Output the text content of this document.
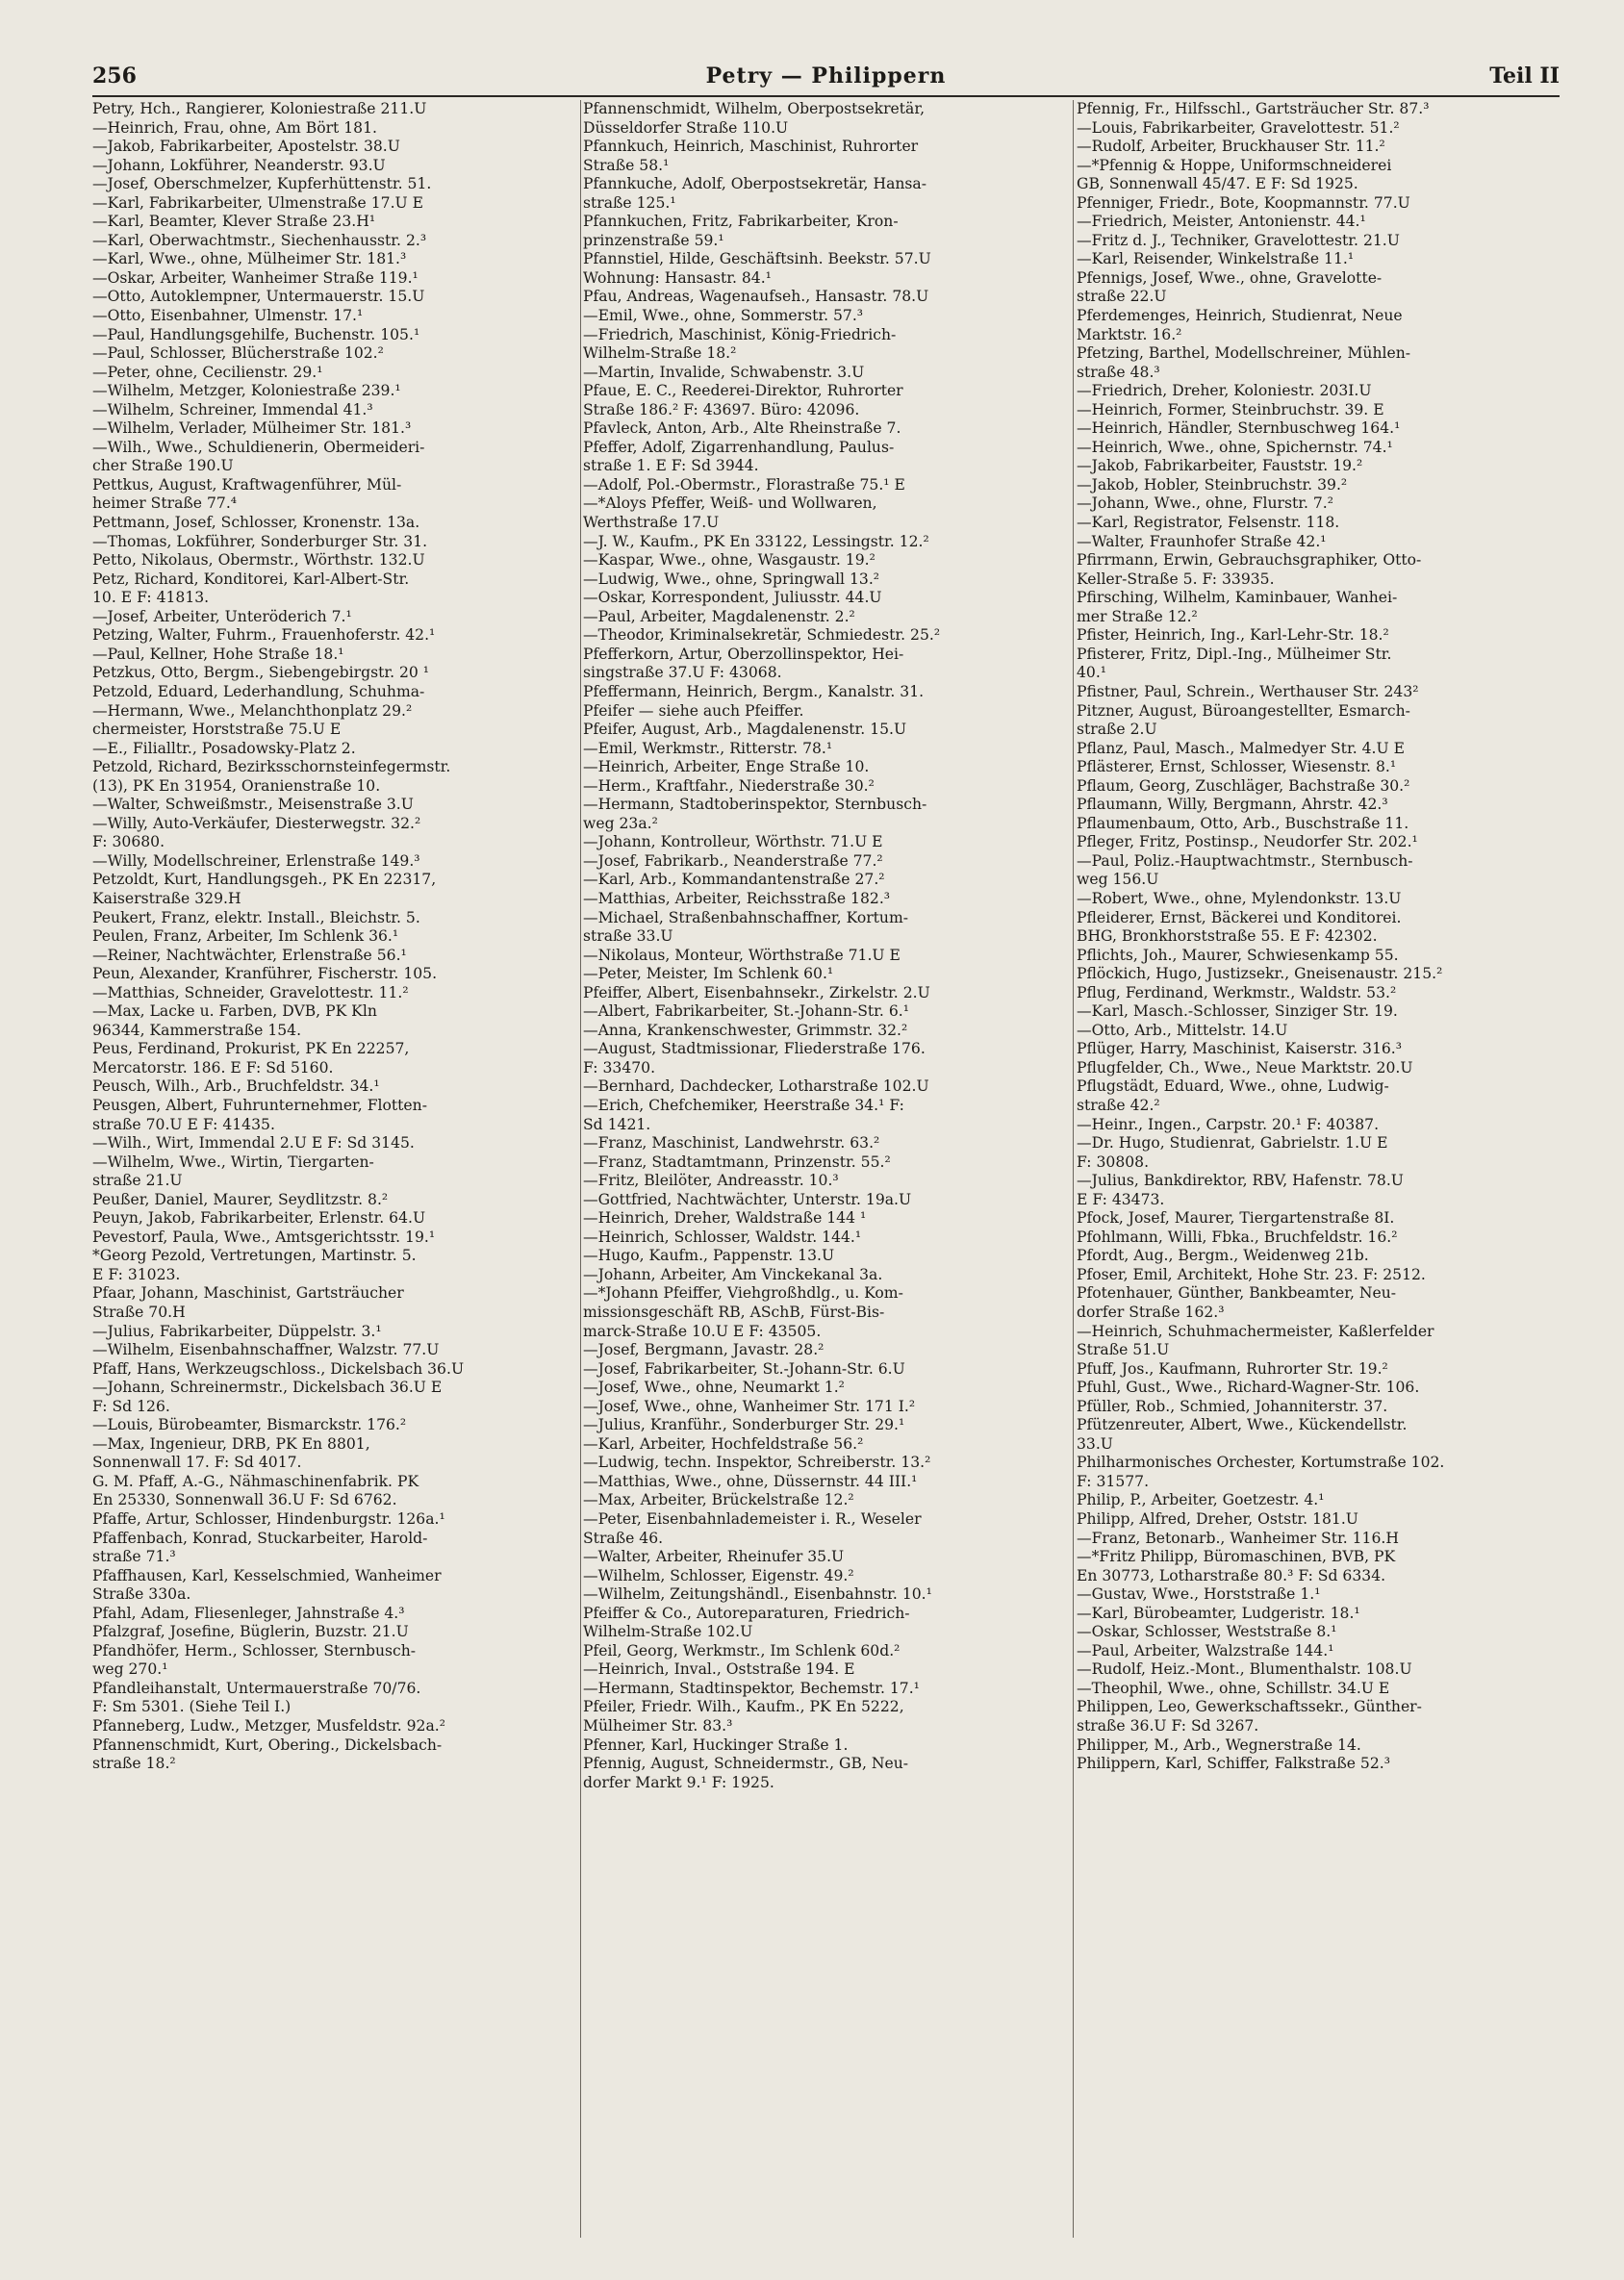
256	Petry — Philippern	Teil II
Petry, Hch., Rangierer, Koloniestraße 211.U
—Heinrich, Frau, ohne, Am Bört 181.
—Jakob, Fabrikarbeiter, Apostelstr. 38.U
—Johann, Lokführer, Neanderstr. 93.U
—Josef, Oberschmelzer, Kupferhüttenstr. 51.
—Karl, Fabrikarbeiter, Ulmenstraße 17.U E
—Karl, Beamter, Klever Straße 23.H¹
—Karl, Oberwachtmstr., Siechenhausstr. 2.³
—Karl, Wwe., ohne, Mülheimer Str. 181.³
—Oskar, Arbeiter, Wanheimer Straße 119.¹
—Otto, Autoklempner, Untermauerstr. 15.U
—Otto, Eisenbahner, Ulmenstr. 17.¹
—Paul, Handlungsgehilfe, Buchenstr. 105.¹
—Paul, Schlosser, Blücherstraße 102.²
—Peter, ohne, Cecilienstr. 29.¹
—Wilhelm, Metzger, Koloniestraße 239.¹
—Wilhelm, Schreiner, Immendal 41.³
—Wilhelm, Verlader, Mülheimer Str. 181.³
—Wilh., Wwe., Schuldienerin, Obermeideri-
cher Straße 190.U
Pettkus, August, Kraftwagenführer, Mül-
heimer Straße 77.⁴
Pettmann, Josef, Schlosser, Kronenstr. 13a.
—Thomas, Lokführer, Sonderburger Str. 31.
Petto, Nikolaus, Obermstr., Wörthstr. 132.U
Petz, Richard, Konditorei, Karl-Albert-Str.
10. E F: 41813.
—Josef, Arbeiter, Unteröderich 7.¹
Petzing, Walter, Fuhrm., Frauenhoferstr. 42.¹
—Paul, Kellner, Hohe Straße 18.¹
Petzkus, Otto, Bergm., Siebengebirgstr. 20 ¹
Petzold, Eduard, Lederhandlung, Schuhma-
—Hermann, Wwe., Melanchthonplatz 29.²
chermeister, Horststraße 75.U E
—E., Filialltr., Posadowsky-Platz 2.
Petzold, Richard, Bezirksschornsteinfegermstr.
(13), PK En 31954, Oranienstraße 10.
—Walter, Schweißmstr., Meisenstraße 3.U
—Willy, Auto-Verkäufer, Diesterwegstr. 32.²
F: 30680.
—Willy, Modellschreiner, Erlenstraße 149.³
Petzoldt, Kurt, Handlungsgeh., PK En 22317,
Kaiserstraße 329.H
Peukert, Franz, elektr. Install., Bleichstr. 5.
Peulen, Franz, Arbeiter, Im Schlenk 36.¹
—Reiner, Nachtwächter, Erlenstraße 56.¹
Peun, Alexander, Kranführer, Fischerstr. 105.
—Matthias, Schneider, Gravelottestr. 11.²
—Max, Lacke u. Farben, DVB, PK Kln
96344, Kammerstraße 154.
Peus, Ferdinand, Prokurist, PK En 22257,
Mercatorstr. 186. E F: Sd 5160.
Peusch, Wilh., Arb., Bruchfeldstr. 34.¹
Peusgen, Albert, Fuhrunternehmer, Flotten-
straße 70.U E F: 41435.
—Wilh., Wirt, Immendal 2.U E F: Sd 3145.
—Wilhelm, Wwe., Wirtin, Tiergarten-
straße 21.U
Peußer, Daniel, Maurer, Seydlitzstr. 8.²
Peuyn, Jakob, Fabrikarbeiter, Erlenstr. 64.U
Pevestorf, Paula, Wwe., Amtsgerichtsstr. 19.¹
*Georg Pezold, Vertretungen, Martinstr. 5.
E F: 31023.
Pfaar, Johann, Maschinist, Gartsträucher
Straße 70.H
—Julius, Fabrikarbeiter, Düppelstr. 3.¹
—Wilhelm, Eisenbahnschaffner, Walzstr. 77.U
Pfaff, Hans, Werkzeugschloss., Dickelsbach 36.U
—Johann, Schreinermstr., Dickelsbach 36.U E
F: Sd 126.
—Louis, Bürobeamter, Bismarckstr. 176.²
—Max, Ingenieur, DRB, PK En 8801,
Sonnenwall 17. F: Sd 4017.
G. M. Pfaff, A.-G., Nähmaschinenfabrik. PK
En 25330, Sonnenwall 36.U F: Sd 6762.
Pfaffe, Artur, Schlosser, Hindenburgstr. 126a.¹
Pfaffenbach, Konrad, Stuckarbeiter, Harold-
straße 71.³
Pfaffhausen, Karl, Kesselschmied, Wanheimer
Straße 330a.
Pfahl, Adam, Fliesenleger, Jahnstraße 4.³
Pfalzgraf, Josefine, Büglerin, Buzstr. 21.U
Pfandhöfer, Herm., Schlosser, Sternbusch-
weg 270.¹
Pfandleihanstalt, Untermauerstraße 70/76.
F: Sm 5301. (Siehe Teil I.)
Pfanneberg, Ludw., Metzger, Musfeldstr. 92a.²
Pfannenschmidt, Kurt, Obering., Dickelsbach-
straße 18.²
Pfannenschmidt, Wilhelm, Oberpostsekretär,
Düsseldorfer Straße 110.U
Pfannkuch, Heinrich, Maschinist, Ruhrorter
Straße 58.¹
Pfannkuche, Adolf, Oberpostsekretär, Hansa-
straße 125.¹
Pfannkuchen, Fritz, Fabrikarbeiter, Kron-
prinzenstraße 59.¹
Pfannstiel, Hilde, Geschäftsinh. Beekstr. 57.U
Wohnung: Hansastr. 84.¹
Pfau, Andreas, Wagenaufseh., Hansastr. 78.U
—Emil, Wwe., ohne, Sommerstr. 57.³
—Friedrich, Maschinist, König-Friedrich-
Wilhelm-Straße 18.²
—Martin, Invalide, Schwabenstr. 3.U
Pfaue, E. C., Reederei-Direktor, Ruhrorter
Straße 186.² F: 43697. Büro: 42096.
Pfavleck, Anton, Arb., Alte Rheinstraße 7.
Pfeffer, Adolf, Zigarrenhandlung, Paulus-
straße 1. E F: Sd 3944.
—Adolf, Pol.-Obermstr., Florastraße 75.¹ E
—*Aloys Pfeffer, Weiß- und Wollwaren,
Werthstraße 17.U
—J. W., Kaufm., PK En 33122, Lessingstr. 12.²
—Kaspar, Wwe., ohne, Wasgaustr. 19.²
—Ludwig, Wwe., ohne, Springwall 13.²
—Oskar, Korrespondent, Juliusstr. 44.U
—Paul, Arbeiter, Magdalenenstr. 2.²
—Theodor, Kriminalsekretär, Schmiedestr. 25.²
Pfefferkorn, Artur, Oberzollinspektor, Hei-
singstraße 37.U F: 43068.
Pfeffermann, Heinrich, Bergm., Kanalstr. 31.
Pfeifer — siehe auch Pfeiffer.
Pfeifer, August, Arb., Magdalenenstr. 15.U
—Emil, Werkmstr., Ritterstr. 78.¹
—Heinrich, Arbeiter, Enge Straße 10.
—Herm., Kraftfahr., Niederstraße 30.²
—Hermann, Stadtoberinspektor, Sternbusch-
weg 23a.²
—Johann, Kontrolleur, Wörthstr. 71.U E
—Josef, Fabrikarb., Neanderstraße 77.²
—Karl, Arb., Kommandantenstraße 27.²
—Matthias, Arbeiter, Reichsstraße 182.³
—Michael, Straßenbahnschaffner, Kortum-
straße 33.U
—Nikolaus, Monteur, Wörthstraße 71.U E
—Peter, Meister, Im Schlenk 60.¹
Pfeiffer, Albert, Eisenbahnsekr., Zirkelstr. 2.U
—Albert, Fabrikarbeiter, St.-Johann-Str. 6.¹
—Anna, Krankenschwester, Grimmstr. 32.²
—August, Stadtmissionar, Fliederstraße 176.
F: 33470.
—Bernhard, Dachdecker, Lotharstraße 102.U
—Erich, Chefchemiker, Heerstraße 34.¹ F:
Sd 1421.
—Franz, Maschinist, Landwehrstr. 63.²
—Franz, Stadtamtmann, Prinzenstr. 55.²
—Fritz, Bleilöter, Andreasstr. 10.³
—Gottfried, Nachtwächter, Unterstr. 19a.U
—Heinrich, Dreher, Waldstraße 144 ¹
—Heinrich, Schlosser, Waldstr. 144.¹
—Hugo, Kaufm., Pappenstr. 13.U
—Johann, Arbeiter, Am Vinckekanal 3a.
—*Johann Pfeiffer, Viehgroßhdlg., u. Kom-
missionsgeschäft RB, ASchB, Fürst-Bis-
marck-Straße 10.U E F: 43505.
—Josef, Bergmann, Javastr. 28.²
—Josef, Fabrikarbeiter, St.-Johann-Str. 6.U
—Josef, Wwe., ohne, Neumarkt 1.²
—Josef, Wwe., ohne, Wanheimer Str. 171 I.²
—Julius, Kranführ., Sonderburger Str. 29.¹
—Karl, Arbeiter, Hochfeldstraße 56.²
—Ludwig, techn. Inspektor, Schreiberstr. 13.²
—Matthias, Wwe., ohne, Düssernstr. 44 III.¹
—Max, Arbeiter, Brückelstraße 12.²
—Peter, Eisenbahnlademeister i. R., Weseler
Straße 46.
—Walter, Arbeiter, Rheinufer 35.U
—Wilhelm, Schlosser, Eigenstr. 49.²
—Wilhelm, Zeitungshändl., Eisenbahnstr. 10.¹
Pfeiffer & Co., Autoreparaturen, Friedrich-
Wilhelm-Straße 102.U
Pfeil, Georg, Werkmstr., Im Schlenk 60d.²
—Heinrich, Inval., Oststraße 194. E
—Hermann, Stadtinspektor, Bechemstr. 17.¹
Pfeiler, Friedr. Wilh., Kaufm., PK En 5222,
Mülheimer Str. 83.³
Pfenner, Karl, Huckinger Straße 1.
Pfennig, August, Schneidermstr., GB, Neu-
dorfer Markt 9.¹ F: 1925.
Pfennig, Fr., Hilfsschl., Gartsträucher Str. 87.³
—Louis, Fabrikarbeiter, Gravelottestr. 51.²
—Rudolf, Arbeiter, Bruckhauser Str. 11.²
—*Pfennig & Hoppe, Uniformschneiderei
GB, Sonnenwall 45/47. E F: Sd 1925.
Pfenniger, Friedr., Bote, Koopmannstr. 77.U
—Friedrich, Meister, Antonienstr. 44.¹
—Fritz d. J., Techniker, Gravelottestr. 21.U
—Karl, Reisender, Winkelstraße 11.¹
Pfennigs, Josef, Wwe., ohne, Gravelotte-
straße 22.U
Pferdemenges, Heinrich, Studienrat, Neue
Marktstr. 16.²
Pfetzing, Barthel, Modellschreiner, Mühlen-
straße 48.³
—Friedrich, Dreher, Koloniestr. 203I.U
—Heinrich, Former, Steinbruchstr. 39. E
—Heinrich, Händler, Sternbuschweg 164.¹
—Heinrich, Wwe., ohne, Spichernstr. 74.¹
—Jakob, Fabrikarbeiter, Fauststr. 19.²
—Jakob, Hobler, Steinbruchstr. 39.²
—Johann, Wwe., ohne, Flurstr. 7.²
—Karl, Registrator, Felsenstr. 118.
—Walter, Fraunhofer Straße 42.¹
Pfirrmann, Erwin, Gebrauchsgraphiker, Otto-
Keller-Straße 5. F: 33935.
Pfirsching, Wilhelm, Kaminbauer, Wanhei-
mer Straße 12.²
Pfister, Heinrich, Ing., Karl-Lehr-Str. 18.²
Pfisterer, Fritz, Dipl.-Ing., Mülheimer Str.
40.¹
Pfistner, Paul, Schrein., Werthauser Str. 243²
Pitzner, August, Büroangestellter, Esmarch-
straße 2.U
Pflanz, Paul, Masch., Malmedyer Str. 4.U E
Pflästerer, Ernst, Schlosser, Wiesenstr. 8.¹
Pflaum, Georg, Zuschläger, Bachstraße 30.²
Pflaumann, Willy, Bergmann, Ahrstr. 42.³
Pflaumenbaum, Otto, Arb., Buschstraße 11.
Pfleger, Fritz, Postinsp., Neudorfer Str. 202.¹
—Paul, Poliz.-Hauptwachtmstr., Sternbusch-
weg 156.U
—Robert, Wwe., ohne, Mylendonkstr. 13.U
Pfleiderer, Ernst, Bäckerei und Konditorei.
BHG, Bronkhorststraße 55. E F: 42302.
Pflichts, Joh., Maurer, Schwiesenkamp 55.
Pflöckich, Hugo, Justizsekr., Gneisenaustr. 215.²
Pflug, Ferdinand, Werkmstr., Waldstr. 53.²
—Karl, Masch.-Schlosser, Sinziger Str. 19.
—Otto, Arb., Mittelstr. 14.U
Pflüger, Harry, Maschinist, Kaiserstr. 316.³
Pflugfelder, Ch., Wwe., Neue Marktstr. 20.U
Pflugstädt, Eduard, Wwe., ohne, Ludwig-
straße 42.²
—Heinr., Ingen., Carpstr. 20.¹ F: 40387.
—Dr. Hugo, Studienrat, Gabrielstr. 1.U E
F: 30808.
—Julius, Bankdirektor, RBV, Hafenstr. 78.U
E F: 43473.
Pfock, Josef, Maurer, Tiergartenstraße 8I.
Pfohlmann, Willi, Fbka., Bruchfeldstr. 16.²
Pfordt, Aug., Bergm., Weidenweg 21b.
Pfoser, Emil, Architekt, Hohe Str. 23. F: 2512.
Pfotenhauer, Günther, Bankbeamter, Neu-
dorfer Straße 162.³
—Heinrich, Schuhmachermeister, Kaßlerfelder
Straße 51.U
Pfuff, Jos., Kaufmann, Ruhrorter Str. 19.²
Pfuhl, Gust., Wwe., Richard-Wagner-Str. 106.
Pfüller, Rob., Schmied, Johanniterstr. 37.
Pfützenreuter, Albert, Wwe., Kückendellstr.
33.U
Philharmonisches Orchester, Kortumstraße 102.
F: 31577.
Philip, P., Arbeiter, Goetzestr. 4.¹
Philipp, Alfred, Dreher, Oststr. 181.U
—Franz, Betonarb., Wanheimer Str. 116.H
—*Fritz Philipp, Büromaschinen, BVB, PK
En 30773, Lotharstraße 80.³ F: Sd 6334.
—Gustav, Wwe., Horststraße 1.¹
—Karl, Bürobeamter, Ludgeristr. 18.¹
—Oskar, Schlosser, Weststraße 8.¹
—Paul, Arbeiter, Walzstraße 144.¹
—Rudolf, Heiz.-Mont., Blumenthalstr. 108.U
—Theophil, Wwe., ohne, Schillstr. 34.U E
Philippen, Leo, Gewerkschaftssekr., Günther-
straße 36.U F: Sd 3267.
Philipper, M., Arb., Wegnerstraße 14.
Philippern, Karl, Schiffer, Falkstraße 52.³
